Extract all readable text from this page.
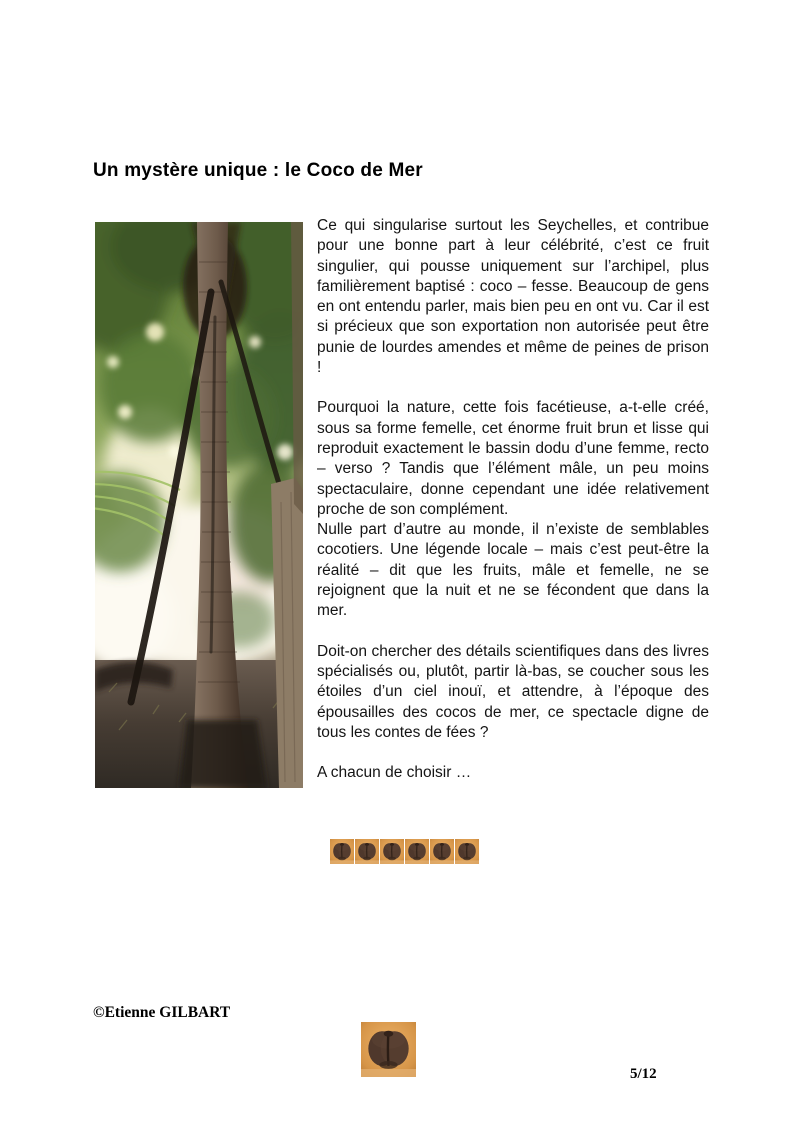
Un mystère unique : le Coco de Mer

Ce qui singularise surtout les Seychelles, et contribue pour une bonne part à leur célébrité, c’est ce fruit singulier, qui pousse uniquement sur l’archipel, plus familièrement baptisé : coco – fesse. Beaucoup de gens en ont entendu parler, mais bien peu en ont vu. Car il est si précieux que son exportation non autorisée peut être punie de lourdes amendes et même de peines de prison !

Pourquoi la nature, cette fois facétieuse, a-t-elle créé, sous sa forme femelle, cet énorme fruit brun et lisse qui reproduit exactement le bassin dodu d’une femme, recto – verso ? Tandis que l’élément mâle, un peu moins spectaculaire, donne cependant une idée relativement proche de son complément.

Nulle part d’autre au monde, il n’existe de semblables cocotiers. Une légende locale – mais c’est peut-être la réalité – dit que les fruits, mâle et femelle, ne se rejoignent que la nuit et ne se fécondent que dans la mer.

Doit-on chercher des détails scientifiques dans des livres spécialisés ou, plutôt, partir là-bas, se coucher sous les étoiles d’un ciel inouï, et attendre, à l’époque des épousailles des cocos de mer, ce spectacle digne de tous les contes de fées ?

A chacun de choisir …

©Etienne GILBART
5/12
